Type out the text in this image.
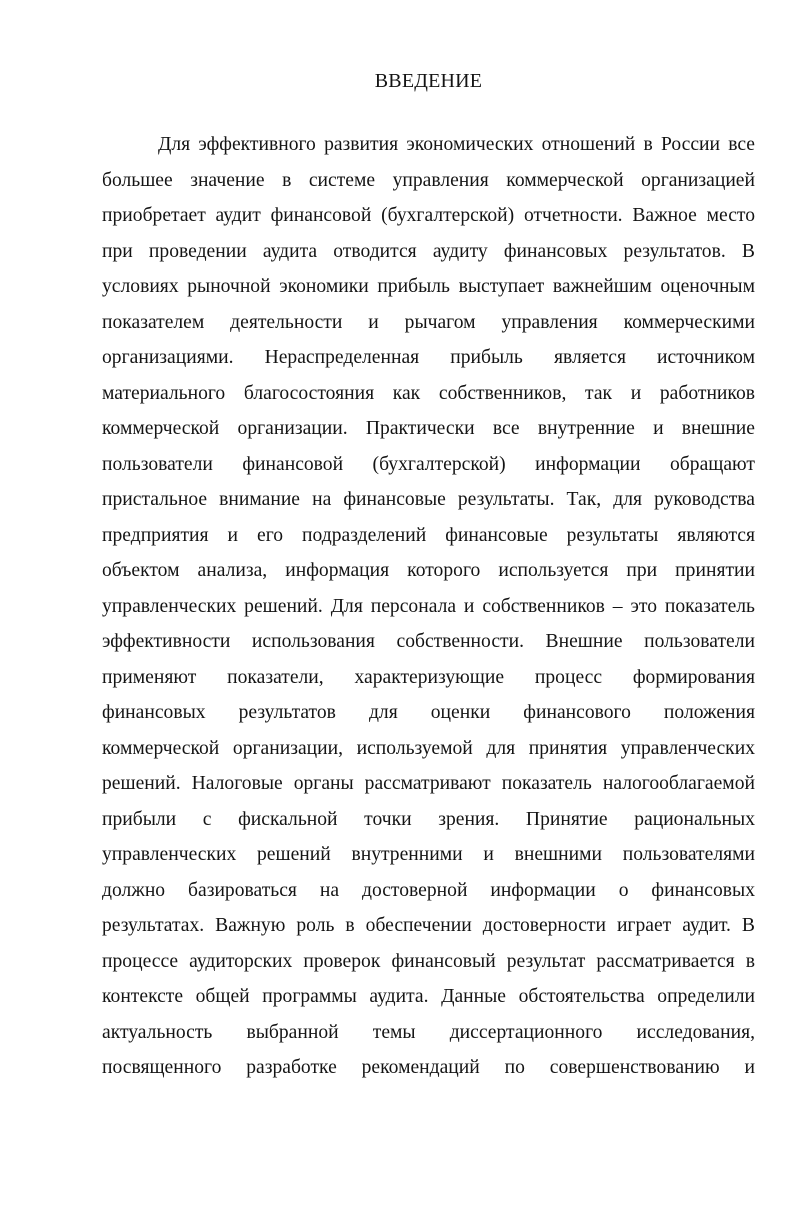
ВВЕДЕНИЕ
Для эффективного развития экономических отношений в России все
большее значение в системе управления коммерческой организацией
приобретает аудит финансовой (бухгалтерской) отчетности. Важное место
при проведении аудита отводится аудиту финансовых результатов. В
условиях рыночной экономики прибыль выступает важнейшим оценочным
показателем деятельности и рычагом управления коммерческими
организациями. Нераспределенная прибыль является источником
материального благосостояния как собственников, так и работников
коммерческой организации. Практически все внутренние и внешние
пользователи финансовой (бухгалтерской) информации обращают
пристальное внимание на финансовые результаты. Так, для руководства
предприятия и его подразделений финансовые результаты являются
объектом анализа, информация которого используется при принятии
управленческих решений. Для персонала и собственников – это показатель
эффективности использования собственности. Внешние пользователи
применяют показатели, характеризующие процесс формирования
финансовых результатов для оценки финансового положения
коммерческой организации, используемой для принятия управленческих
решений. Налоговые органы рассматривают показатель налогооблагаемой
прибыли с фискальной точки зрения. Принятие рациональных
управленческих решений внутренними и внешними пользователями
должно базироваться на достоверной информации о финансовых
результатах. Важную роль в обеспечении достоверности играет аудит. В
процессе аудиторских проверок финансовый результат рассматривается в
контексте общей программы аудита. Данные обстоятельства определили
актуальность выбранной темы диссертационного исследования,
посвященного разработке рекомендаций по совершенствованию и
